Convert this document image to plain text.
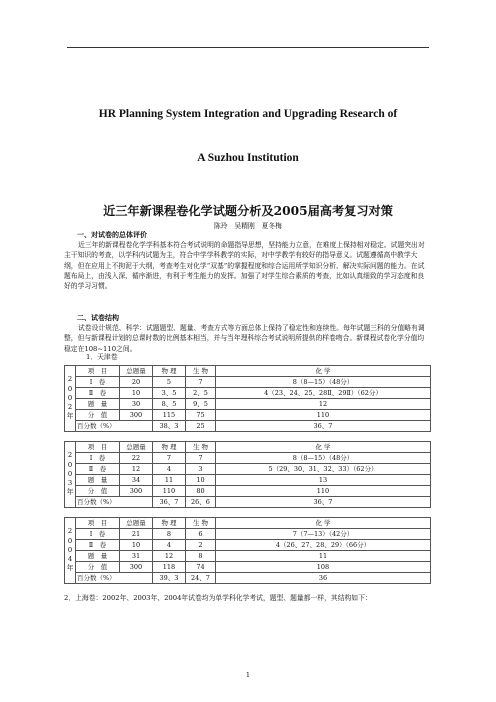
HR Planning System Integration and Upgrading Research of
A Suzhou Institution
近三年新课程卷化学试题分析及2005届高考复习对策
陈玲　吴精刚　夏冬梅
一、对试卷的总体评价

近三年的新课程卷化学学科基本符合考试说明的命题指导思想，坚持能力立意，在难度上保持相对稳定。试题突出对主干知识的考查，以学科内试题为主，符合中学学科教学的实际，对中学教学有较好的指导意义。试题遵循高中教学大纲，但在应用上不拘泥于大纲，考查考生对化学“双基”的掌握程度和综合运用所学知识分析、解决实际问题的能力。在试题布局上，由浅入深、循序渐进，有利于考生能力的发挥。加强了对学生综合素质的考查，比如认真细致的学习态度和良好的学习习惯。

二、试卷结构

试卷设计规范、科学：试题题型、题量、考查方式等方面总体上保持了稳定性和连续性。每年试题三科的分值略有调整，但与新课程计划的总课时数的比例基本相当，并与当年理科综合考试说明所提供的样卷吻合。新课程试卷化学分值均稳定在108~110之间。

1．天津卷

2
0
0
2
年	项　目	总题量	物 理	生 物	化 学
	Ⅰ　卷	20	5	7	8（8—15）（48分）
	Ⅱ　卷	10	3、5	2、5	4（23、24、25、28Ⅱ、29Ⅱ）（62分）
	题　量	30	8、5	9、5	12
	分　值	300	115	75	110
	百分数（%）		38、3	25	36、7
2
0
0
3
年	项　目	总题量	物 理	生 物	化 学
	Ⅰ　卷	22	7	7	8（8—15）（48分）
	Ⅱ　卷	12	4	3	5（29、30、31、32、33）（62分）
	题　量	34	11	10	13
	分　值	300	110	80	110
	百分数（%）		36、7	26、6	36、7
2
0
0
4
年	项　目	总题量	物 理	生 物	化 学
	Ⅰ　卷	21	8	6	7（7—13）（42分）
	Ⅱ　卷	10	4	2	4（26、27、28、29）（66分）
	题　量	31	12	8	11
	分　值	300	118	74	108
	百分数（%）		39、3	24、7	36

2．上海卷：2002年、2003年、2004年试卷均为单学科化学考试，题型、题量都一样，其结构如下：

1
